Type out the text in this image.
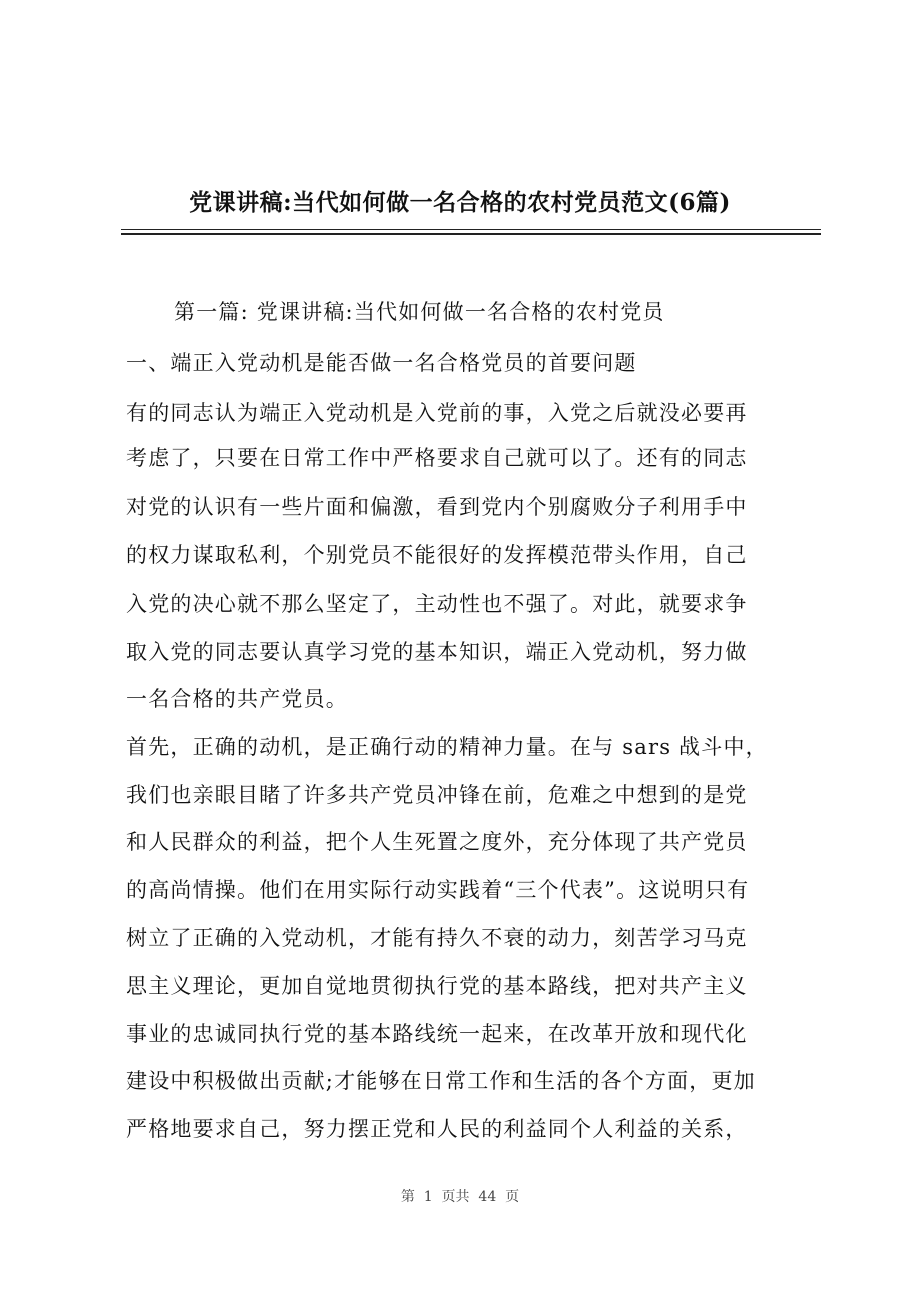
党课讲稿:当代如何做一名合格的农村党员范文(6篇)
第一篇: 党课讲稿:当代如何做一名合格的农村党员
一、端正入党动机是能否做一名合格党员的首要问题
有的同志认为端正入党动机是入党前的事，入党之后就没必要再
考虑了，只要在日常工作中严格要求自己就可以了。还有的同志
对党的认识有一些片面和偏激，看到党内个别腐败分子利用手中
的权力谋取私利，个别党员不能很好的发挥模范带头作用，自己
入党的决心就不那么坚定了，主动性也不强了。对此，就要求争
取入党的同志要认真学习党的基本知识，端正入党动机，努力做
一名合格的共产党员。
首先，正确的动机，是正确行动的精神力量。在与 sars 战斗中，
我们也亲眼目睹了许多共产党员冲锋在前，危难之中想到的是党
和人民群众的利益，把个人生死置之度外，充分体现了共产党员
的高尚情操。他们在用实际行动实践着“三个代表”。这说明只有
树立了正确的入党动机，才能有持久不衰的动力，刻苦学习马克
思主义理论，更加自觉地贯彻执行党的基本路线，把对共产主义
事业的忠诚同执行党的基本路线统一起来，在改革开放和现代化
建设中积极做出贡献;才能够在日常工作和生活的各个方面，更加
严格地要求自己，努力摆正党和人民的利益同个人利益的关系，
第  1  页共  44  页
